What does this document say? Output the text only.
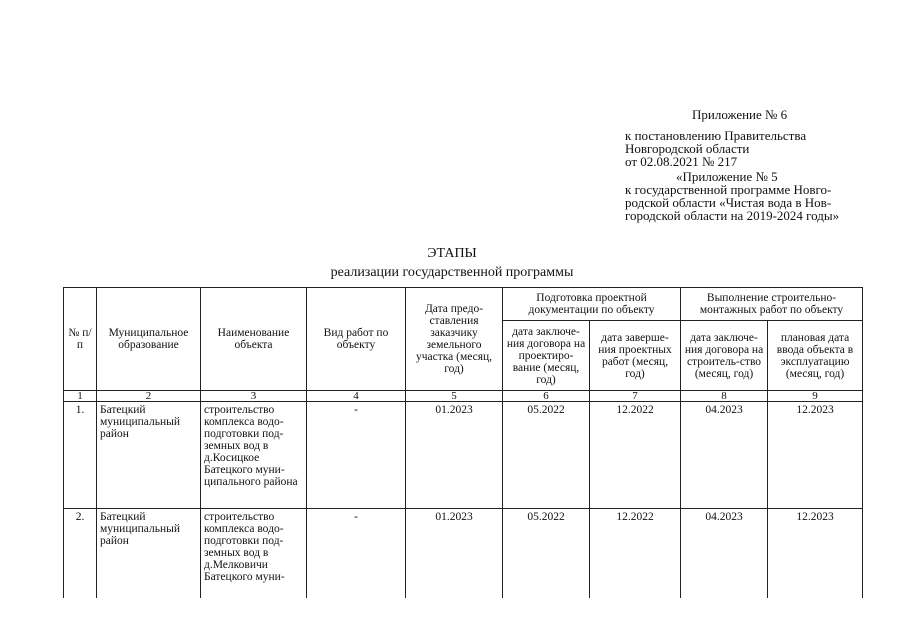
Приложение № 6
к постановлению Правительства
Новгородской области
от 02.08.2021 № 217
«Приложение № 5
к государственной программе Новго-
родской области «Чистая вода в Нов-
городской области на 2019-2024 годы»
ЭТАПЫ
реализации государственной программы
№ п/п	Муниципальное образование	Наименование объекта	Вид работ по объекту	Дата предо-ставления заказчику земельного участка (месяц, год)	Подготовка проектной документации по объекту		Выполнение строительно-монтажных работ по объекту	
					дата заключе-ния договора на проектиро-вание (месяц, год)	дата заверше-ния проектных работ (месяц, год)	дата заключе-ния договора на строитель-ство (месяц, год)	плановая дата ввода объекта в эксплуатацию (месяц, год)
1	2	3	4	5	6	7	8	9
1.	Батецкий муниципальный район	строительство комплекса водо-подготовки под-земных вод в д.Косицкое Батецкого муни-ципального района	-	01.2023	05.2022	12.2022	04.2023	12.2023
2.	Батецкий муниципальный район	строительство комплекса водо-подготовки под-земных вод в д.Мелковичи Батецкого муни-	-	01.2023	05.2022	12.2022	04.2023	12.2023
